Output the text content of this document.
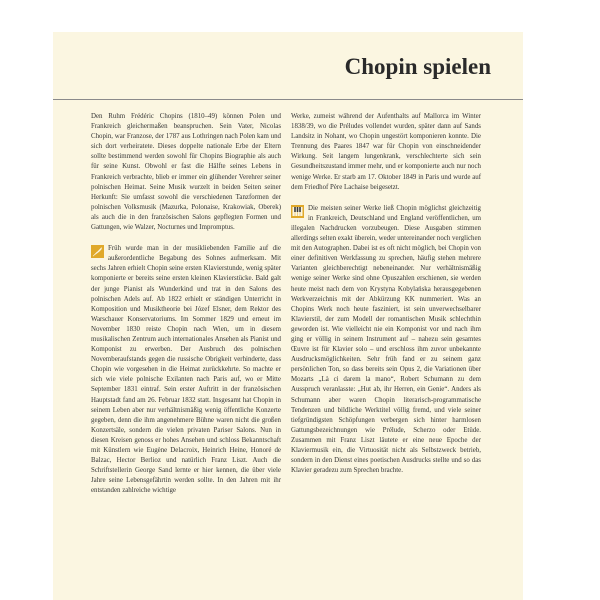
Chopin spielen

Den Ruhm Frédéric Chopins (1810–49) können Polen und Frankreich gleichermaßen beanspruchen. Sein Vater, Nicolas Chopin, war Franzose, der 1787 aus Lothringen nach Polen kam und sich dort verheiratete. Dieses doppelte nationale Erbe der Eltern sollte bestimmend werden sowohl für Chopins Biographie als auch für seine Kunst. Obwohl er fast die Hälfte seines Lebens in Frankreich verbrachte, blieb er immer ein glühender Verehrer seiner polnischen Heimat. Seine Musik wurzelt in beiden Seiten seiner Herkunft: Sie umfasst sowohl die verschiedenen Tanzformen der polnischen Volksmusik (Mazurka, Polonaise, Krakowiak, Oberek) als auch die in den französischen Salons gepflegten Formen und Gattungen, wie Walzer, Nocturnes und Impromptus.

Früh wurde man in der musikliebenden Familie auf die außerordentliche Begabung des Sohnes aufmerksam. Mit sechs Jahren erhielt Chopin seine ersten Klavierstunde, wenig später komponierte er bereits seine ersten kleinen Klavierstücke. Bald galt der junge Pianist als Wunderkind und trat in den Salons des polnischen Adels auf. Ab 1822 erhielt er ständigen Unterricht in Komposition und Musiktheorie bei Józef Elsner, dem Rektor des Warschauer Konservatoriums. Im Sommer 1829 und erneut im November 1830 reiste Chopin nach Wien, um in diesem musikalischen Zentrum auch internationales Ansehen als Pianist und Komponist zu erwerben. Der Ausbruch des polnischen Novemberaufstands gegen die russische Obrigkeit verhinderte, dass Chopin wie vorgesehen in die Heimat zurückkehrte. So machte er sich wie viele polnische Exilanten nach Paris auf, wo er Mitte September 1831 eintraf. Sein erster Auftritt in der französischen Hauptstadt fand am 26. Februar 1832 statt. Insgesamt hat Chopin in seinem Leben aber nur verhältnismäßig wenig öffentliche Konzerte gegeben, denn die ihm angenehmere Bühne waren nicht die großen Konzertsäle, sondern die vielen privaten Pariser Salons. Nun in diesen Kreisen genoss er hohes Ansehen und schloss Bekanntschaft mit Künstlern wie Eugène Delacroix, Heinrich Heine, Honoré de Balzac, Hector Berlioz und natürlich Franz Liszt. Auch die Schriftstellerin George Sand lernte er hier kennen, die über viele Jahre seine Lebensgefährtin werden sollte. In den Jahren mit ihr entstanden zahlreiche wichtige

Werke, zumeist während der Aufenthalts auf Mallorca im Winter 1838/39, wo die Préludes vollendet wurden, später dann auf Sands Landsitz in Nohant, wo Chopin ungestört komponieren konnte. Die Trennung des Paares 1847 war für Chopin von einschneidender Wirkung. Seit langem lungenkrank, verschlechterte sich sein Gesundheitszustand immer mehr, und er komponierte auch nur noch wenige Werke. Er starb am 17. Oktober 1849 in Paris und wurde auf dem Friedhof Père Lachaise beigesetzt.

Die meisten seiner Werke ließ Chopin möglichst gleichzeitig in Frankreich, Deutschland und England veröffentlichen, um illegalen Nachdrucken vorzubeugen. Diese Ausgaben stimmen allerdings selten exakt überein, weder untereinander noch verglichen mit den Autographen. Dabei ist es oft nicht möglich, bei Chopin von einer definitiven Werkfassung zu sprechen, häufig stehen mehrere Varianten gleichberechtigt nebeneinander. Nur verhältnismäßig wenige seiner Werke sind ohne Opuszahlen erschienen, sie werden heute meist nach dem von Krystyna Kobylańska herausgegebenen Werkverzeichnis mit der Abkürzung KK nummeriert. Was an Chopins Werk noch heute fasziniert, ist sein unverwechselbarer Klavierstil, der zum Modell der romantischen Musik schlechthin geworden ist. Wie vielleicht nie ein Komponist vor und nach ihm ging er völlig in seinem Instrument auf – nahezu sein gesamtes Œuvre ist für Klavier solo – und erschloss ihm zuvor unbekannte Ausdrucksmöglichkeiten. Sehr früh fand er zu seinem ganz persönlichen Ton, so dass bereits sein Opus 2, die Variationen über Mozarts „Là ci darem la mano“, Robert Schumann zu dem Ausspruch veranlasste: „Hut ab, ihr Herren, ein Genie“. Anders als Schumann aber waren Chopin literarisch-programmatische Tendenzen und bildliche Werktitel völlig fremd, und viele seiner tiefgründigsten Schöpfungen verbergen sich hinter harmlosen Gattungsbezeichnungen wie Prélude, Scherzo oder Etüde. Zusammen mit Franz Liszt läutete er eine neue Epoche der Klaviermusik ein, die Virtuosität nicht als Selbstzweck betrieb, sondern in den Dienst eines poetischen Ausdrucks stellte und so das Klavier geradezu zum Sprechen brachte.
